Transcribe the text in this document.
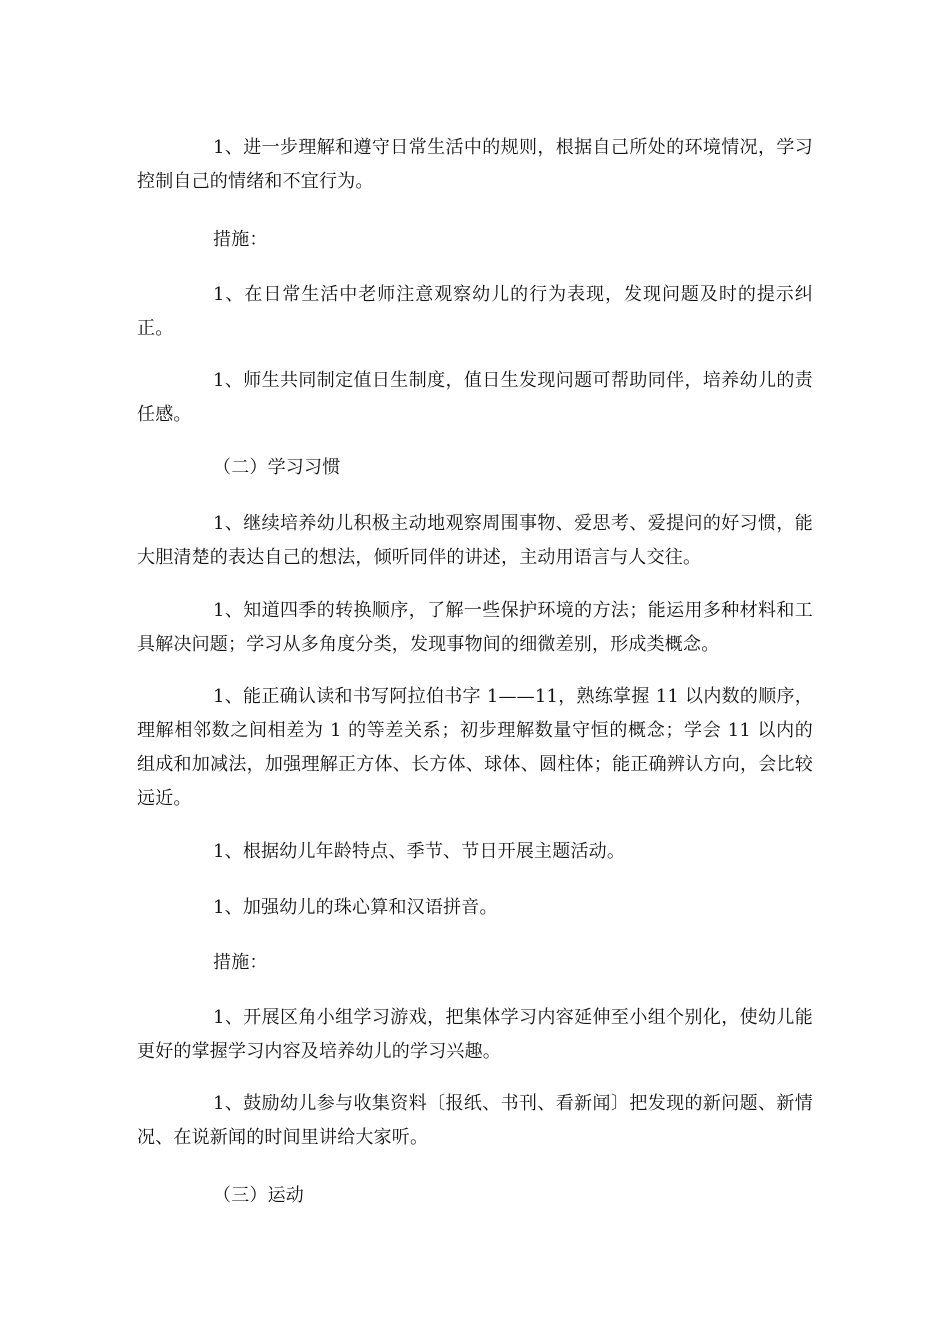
1、进一步理解和遵守日常生活中的规则，根据自己所处的环境情况，学习控制自己的情绪和不宜行为。

措施：

1、在日常生活中老师注意观察幼儿的行为表现，发现问题及时的提示纠正。

1、师生共同制定值日生制度，值日生发现问题可帮助同伴，培养幼儿的责任感。

（二）学习习惯

1、继续培养幼儿积极主动地观察周围事物、爱思考、爱提问的好习惯，能大胆清楚的表达自己的想法，倾听同伴的讲述，主动用语言与人交往。

1、知道四季的转换顺序，了解一些保护环境的方法；能运用多种材料和工具解决问题；学习从多角度分类，发现事物间的细微差别，形成类概念。

1、能正确认读和书写阿拉伯书字 1——11，熟练掌握 11 以内数的顺序，理解相邻数之间相差为 1 的等差关系；初步理解数量守恒的概念；学会 11 以内的组成和加减法，加强理解正方体、长方体、球体、圆柱体；能正确辨认方向，会比较远近。

1、根据幼儿年龄特点、季节、节日开展主题活动。

1、加强幼儿的珠心算和汉语拼音。

措施：

1、开展区角小组学习游戏，把集体学习内容延伸至小组个别化，使幼儿能更好的掌握学习内容及培养幼儿的学习兴趣。

1、鼓励幼儿参与收集资料〔报纸、书刊、看新闻〕把发现的新问题、新情况、在说新闻的时间里讲给大家听。

（三）运动
